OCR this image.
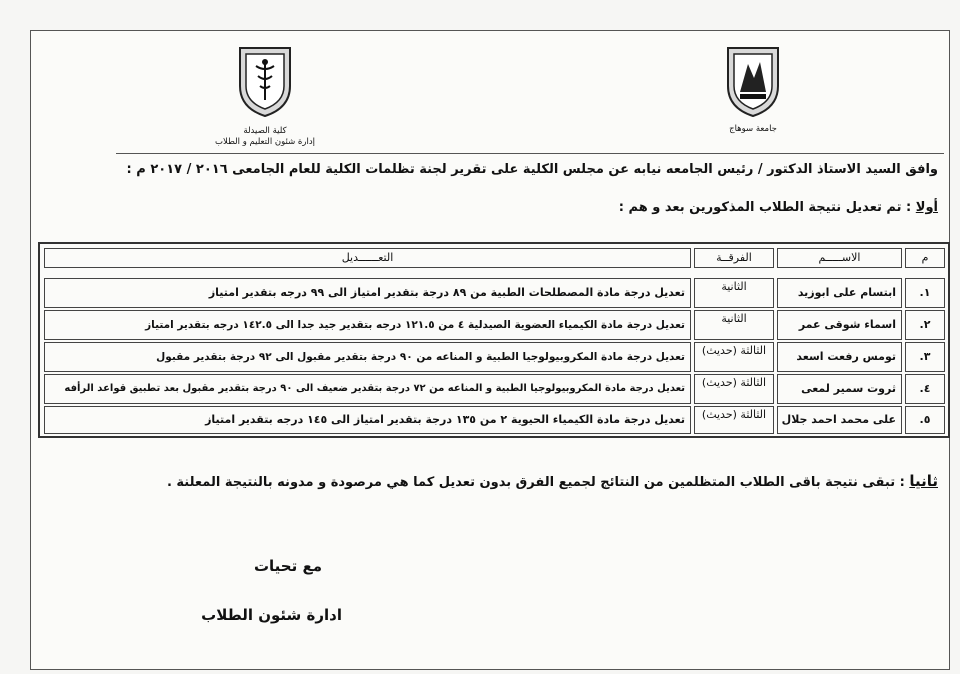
كلية الصيدلة
إدارة شئون التعليم و الطلاب
جامعة سوهاج
وافق السيد الاستاذ الدكتور / رئيس الجامعه نيابه عن مجلس الكلية على تقرير لجنة تظلمات الكلية للعام الجامعى ٢٠١٦ / ٢٠١٧ م :
أولا : تم تعديل نتيجة الطلاب المذكورين بعد و هم :
م
الاســـــم
الفرقــة
التعــــــديل
١.
ابتسام على ابوزيد
الثانية
تعديل درجة مادة المصطلحات الطبية من ٨٩ درجة بتقدير امتياز الى ٩٩ درجه بتقدير امتياز
٢.
اسماء شوقى عمر
الثانية
تعديل درجة مادة الكيمياء العضوية الصيدلية ٤ من ١٢١.٥ درجه بتقدير جيد جدا الى ١٤٢.٥ درجه بتقدير امتياز
٣.
تومس رفعت اسعد
الثالثة (حديث)
تعديل درجة مادة المكروبيولوجيا الطبية و المناعه من ٩٠ درجة بتقدير مقبول الى ٩٢ درجة بتقدير مقبول
٤.
ثروت سمير لمعى
الثالثة (حديث)
تعديل درجة مادة المكروبيولوجيا الطبية و المناعه من ٧٢ درجة بتقدير ضعيف الى ٩٠ درجة بتقدير مقبول بعد تطبيق قواعد الرأفه
٥.
على محمد احمد جلال
الثالثة (حديث)
تعديل درجة مادة الكيمياء الحيوية ٢ من ١٣٥ درجة بتقدير امتياز الى ١٤٥ درجه بتقدير امتياز
ثانيا : تبقى نتيجة باقى الطلاب المتظلمين من النتائج لجميع الفرق بدون تعديل كما هي مرصودة و مدونه بالنتيجة المعلنة .
مع تحيات
ادارة شئون الطلاب
